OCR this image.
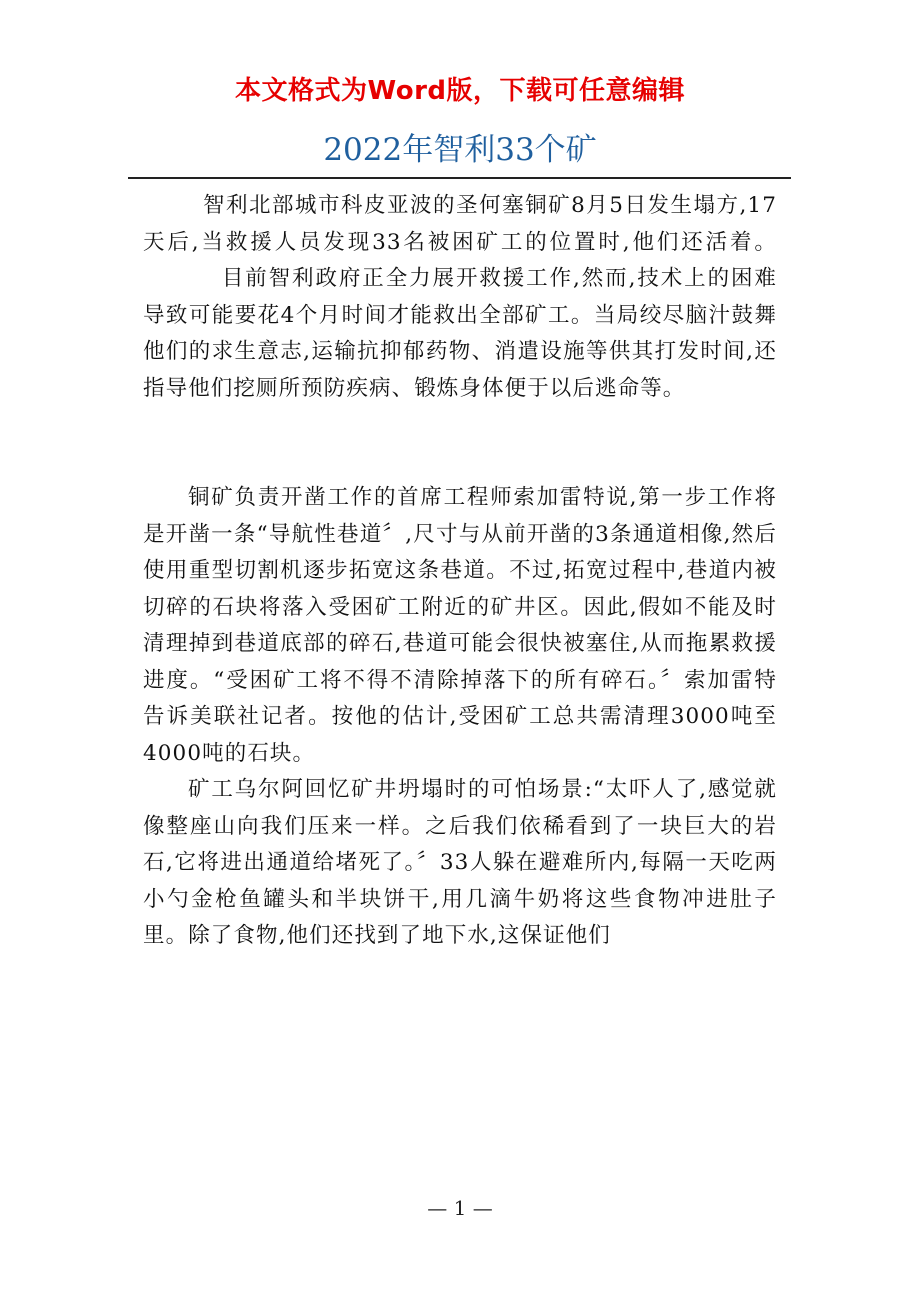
本文格式为Word版，下载可任意编辑
2022年智利33个矿

智利北部城市科皮亚波的圣何塞铜矿8月5日发生塌方,17天后,当救援人员发现33名被困矿工的位置时,他们还活着。目前智利政府正全力展开救援工作,然而,技术上的困难导致可能要花4个月时间才能救出全部矿工。当局绞尽脑汁鼓舞他们的求生意志,运输抗抑郁药物、消遣设施等供其打发时间,还指导他们挖厕所预防疾病、锻炼身体便于以后逃命等。

铜矿负责开凿工作的首席工程师索加雷特说,第一步工作将是开凿一条“导航性巷道〞,尺寸与从前开凿的3条通道相像,然后使用重型切割机逐步拓宽这条巷道。不过,拓宽过程中,巷道内被切碎的石块将落入受困矿工附近的矿井区。因此,假如不能及时清理掉到巷道底部的碎石,巷道可能会很快被塞住,从而拖累救援进度。“受困矿工将不得不清除掉落下的所有碎石。〞索加雷特告诉美联社记者。按他的估计,受困矿工总共需清理3000吨至4000吨的石块。

矿工乌尔阿回忆矿井坍塌时的可怕场景:“太吓人了,感觉就像整座山向我们压来一样。之后我们依稀看到了一块巨大的岩石,它将进出通道给堵死了。〞33人躲在避难所内,每隔一天吃两小勺金枪鱼罐头和半块饼干,用几滴牛奶将这些食物冲进肚子里。除了食物,他们还找到了地下水,这保证他们

— 1 —
